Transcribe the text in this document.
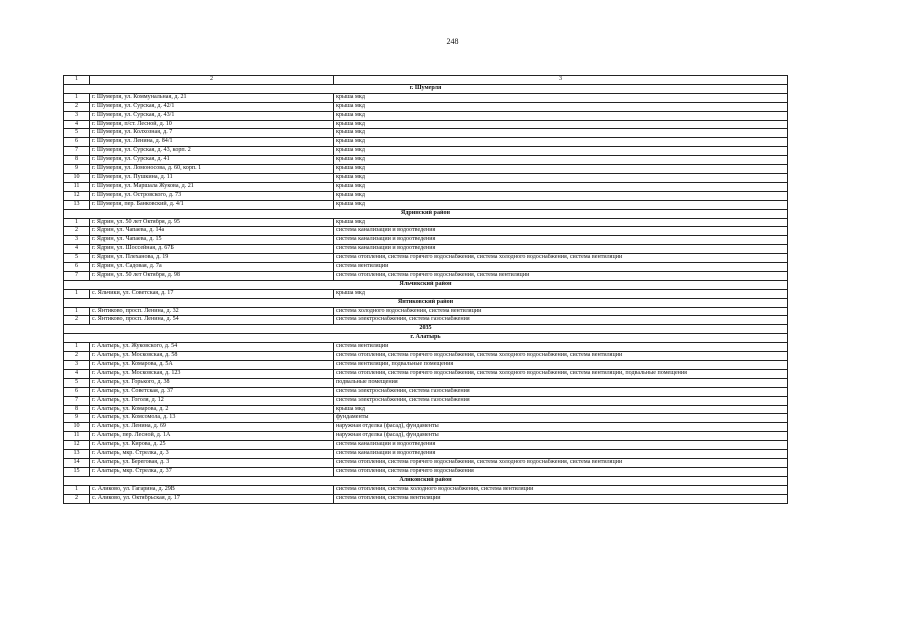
248
1	2	3
г. Шумерля		
1	г. Шумерля, ул. Коммунальная, д. 21	крыша мкд
2	г. Шумерля, ул. Сурская, д. 42/1	крыша мкд
3	г. Шумерля, ул. Сурская, д. 43/1	крыша мкд
4	г. Шумерля, п/ст. Лесной, д. 10	крыша мкд
5	г. Шумерля, ул. Колхозная, д. 7	крыша мкд
6	г. Шумерля, ул. Ленина, д. 84/1	крыша мкд
7	г. Шумерля, ул. Сурская, д. 43, корп. 2	крыша мкд
8	г. Шумерля, ул. Сурская, д. 41	крыша мкд
9	г. Шумерля, ул. Ломоносова, д. 60, корп. 1	крыша мкд
10	г. Шумерля, ул. Пушкина, д. 11	крыша мкд
11	г. Шумерля, ул. Маршала Жукова, д. 21	крыша мкд
12	г. Шумерля, ул. Островского, д. 73	крыша мкд
13	г. Шумерля, пер. Банковский, д. 4/1	крыша мкд
Ядринский район		
1	г. Ядрин, ул. 50 лет Октября, д. 95	крыша мкд
2	г. Ядрин, ул. Чапаева, д. 14а	система канализации и водоотведения
3	г. Ядрин, ул. Чапаева, д. 15	система канализации и водоотведения
4	г. Ядрин, ул. Шоссейная, д. 67Б	система канализации и водоотведения
5	г. Ядрин, ул. Плеханова, д. 19	система отопления, система горячего водоснабжения, система холодного водоснабжения, система вентиляции
6	г. Ядрин, ул. Садовая, д. 7а	система вентиляции
7	г. Ядрин, ул. 50 лет Октября, д. 98	система отопления, система горячего водоснабжения, система вентиляции
Яльчикский район		
1	с. Яльчики, ул. Советская, д. 17	крыша мкд
Янтиковский район		
1	с. Янтиково, просп. Ленина, д. 32	система холодного водоснабжения, система вентиляции
2	с. Янтиково, просп. Ленина, д. 54	система электроснабжения, система газоснабжения
2035		
г. Алатырь		
1	г. Алатырь, ул. Жуковского, д. 54	система вентиляции
2	г. Алатырь, ул. Московская, д. 58	система отопления, система горячего водоснабжения, система холодного водоснабжения, система вентиляции
3	г. Алатырь, ул. Комарова, д. 5А	система вентиляции, подвальные помещения
4	г. Алатырь, ул. Московская, д. 123	система отопления, система горячего водоснабжения, система холодного водоснабжения, система вентиляции, подвальные помещения
5	г. Алатырь, ул. Горького, д. 38	подвальные помещения
6	г. Алатырь, ул. Советская, д. 37	система электроснабжения, система газоснабжения
7	г. Алатырь, ул. Гоголя, д. 12	система электроснабжения, система газоснабжения
8	г. Алатырь, ул. Комарова, д. 2	крыша мкд
9	г. Алатырь, ул. Комсомола, д. 13	фундаменты
10	г. Алатырь, ул. Ленина, д. 69	наружная отделка (фасад), фундаменты
11	г. Алатырь, пер. Лесной, д. 1А	наружная отделка (фасад), фундаменты
12	г. Алатырь, ул. Кирова, д. 25	система канализации и водоотведения
13	г. Алатырь, мкр. Стрелка, д. 3	система канализации и водоотведения
14	г. Алатырь, ул. Береговая, д. 3	система отопления, система горячего водоснабжения, система холодного водоснабжения, система вентиляции
15	г. Алатырь, мкр. Стрелка, д. 37	система отопления, система горячего водоснабжения
Аликовский район		
1	с. Аликово, ул. Гагарина, д. 29В	система отопления, система холодного водоснабжения, система вентиляции
2	с. Аликово, ул. Октябрьская, д. 17	система отопления, система вентиляции
